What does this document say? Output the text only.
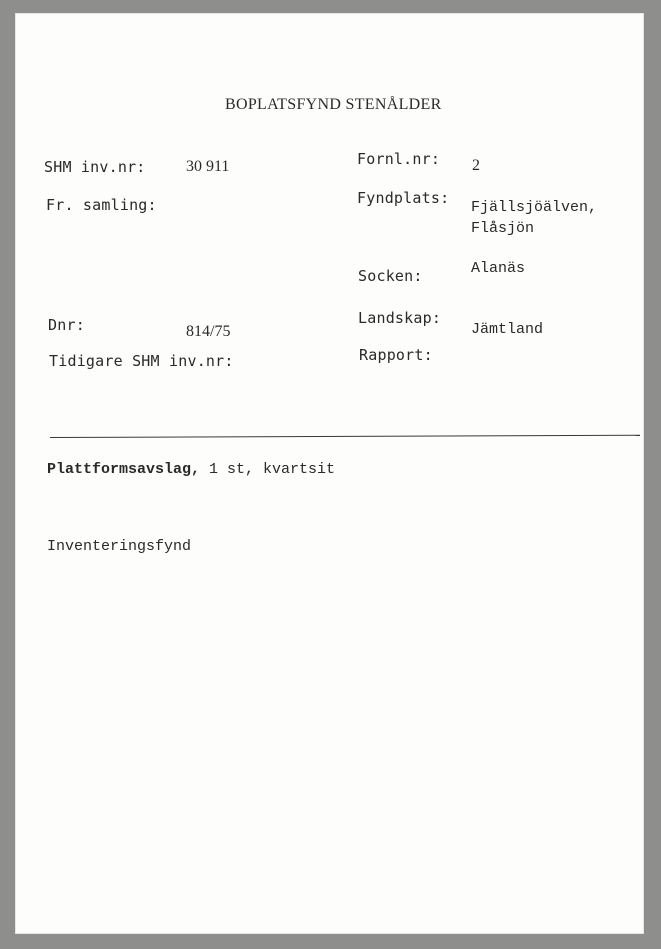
BOPLATSFYND STENÅLDER
SHM inv.nr:	30 911
Fr. samling:
Dnr:	814/75
Tidigare SHM inv.nr:
Fornl.nr: 2
Fyndplats:
Fjällsjöälven,
Flåsjön
Socken:	Alanäs
Landskap:
Jämtland
Rapport:
Plattformsavslag, 1 st, kvartsit
Inventeringsfynd
